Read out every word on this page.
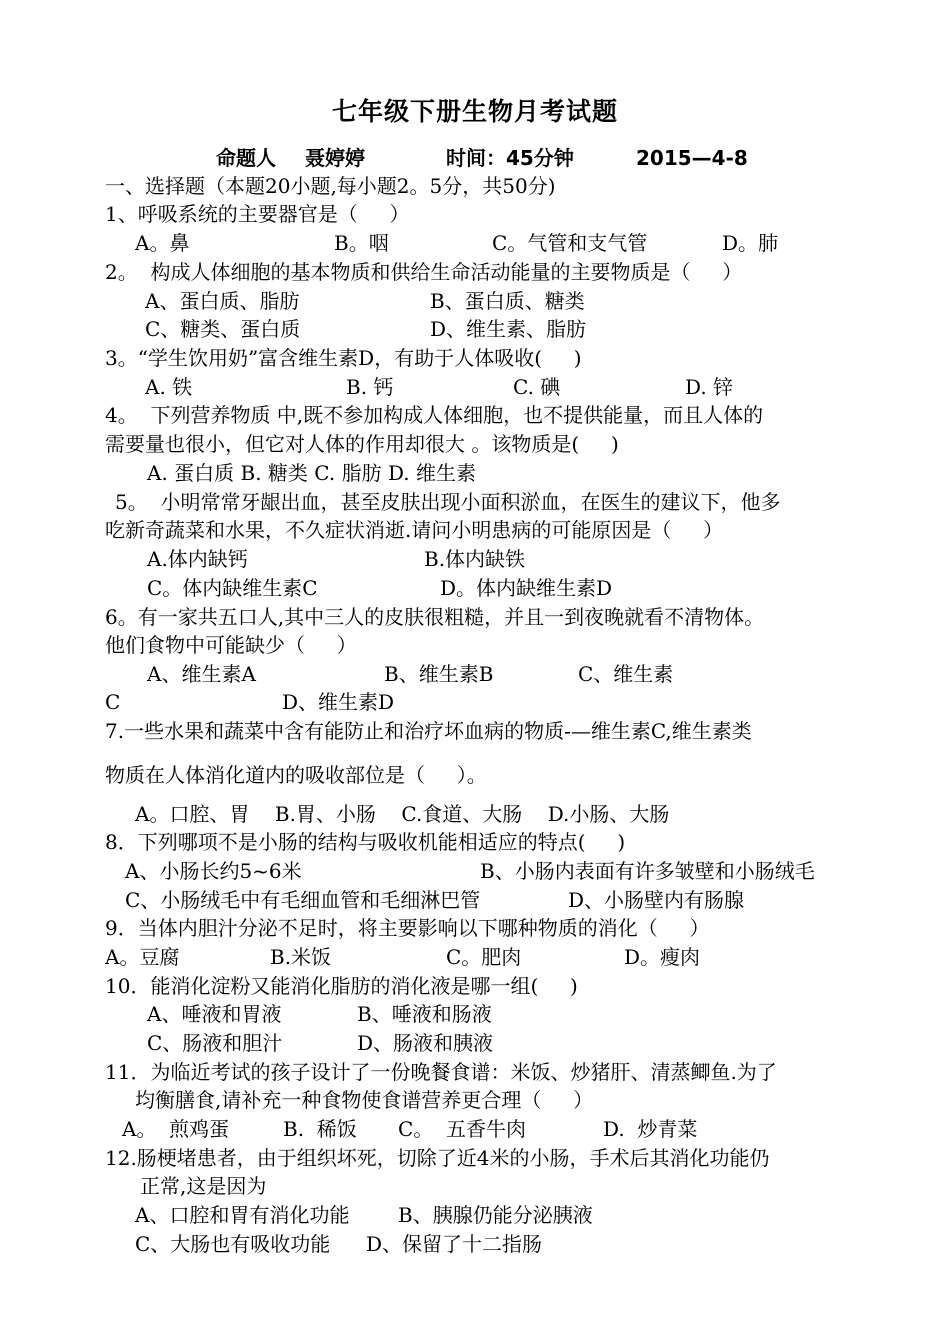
七年级下册生物月考试题
命题人 聂婷婷	时间：45分钟	2015—4-8
一、选择题（本题20小题,每小题2。5分，共50分)
1、呼吸系统的主要器官是（     ）
A。鼻	B。咽	C。气管和支气管	D。肺
2。  构成人体细胞的基本物质和供给生命活动能量的主要物质是（     ）
A、蛋白质、脂肪	B、蛋白质、糖类
C、糖类、蛋白质	D、维生素、脂肪
3。“学生饮用奶”富含维生素D，有助于人体吸收(     )
A. 铁	B. 钙	C. 碘	D. 锌
4。  下列营养物质 中,既不参加构成人体细胞，也不提供能量，而且人体的
需要量也很小，但它对人体的作用却很大 。该物质是(     )
A. 蛋白质 B. 糖类 C. 脂肪 D. 维生素
5。  小明常常牙龈出血，甚至皮肤出现小面积淤血，在医生的建议下，他多
吃新奇蔬菜和水果，不久症状消逝.请问小明患病的可能原因是（     ）
A.体内缺钙	B.体内缺铁
C。体内缺维生素C	D。体内缺维生素D
6。有一家共五口人,其中三人的皮肤很粗糙，并且一到夜晚就看不清物体。
他们食物中可能缺少（     ）
A、维生素A	B、维生素B	C、维生素
C	D、维生素D
7.一些水果和蔬菜中含有能防止和治疗坏血病的物质-—维生素C,维生素类
物质在人体消化道内的吸收部位是（     ）。
A。口腔、胃    B.胃、小肠    C.食道、大肠    D.小肠、大肠
8．下列哪项不是小肠的结构与吸收机能相适应的特点(     )
A、小肠长约5~6米	B、小肠内表面有许多皱壁和小肠绒毛
C、小肠绒毛中有毛细血管和毛细淋巴管	D、小肠壁内有肠腺
9．当体内胆汁分泌不足时，将主要影响以下哪种物质的消化（     ）
A。豆腐	B.米饭	C。肥肉	D。瘦肉
10．能消化淀粉又能消化脂肪的消化液是哪一组(     )
A、唾液和胃液	B、唾液和肠液
C、肠液和胆汁	D、肠液和胰液
11．为临近考试的孩子设计了一份晚餐食谱：米饭、炒猪肝、清蒸鲫鱼.为了
均衡膳食,请补充一种食物使食谱营养更合理（     ）
A。  煎鸡蛋	B.  稀饭 C。  五香牛肉	D.  炒青菜
12.肠梗堵患者，由于组织坏死，切除了近4米的小肠，手术后其消化功能仍
正常,这是因为
A、口腔和胃有消化功能 B、胰腺仍能分泌胰液
C、大肠也有吸收功能 D、保留了十二指肠
